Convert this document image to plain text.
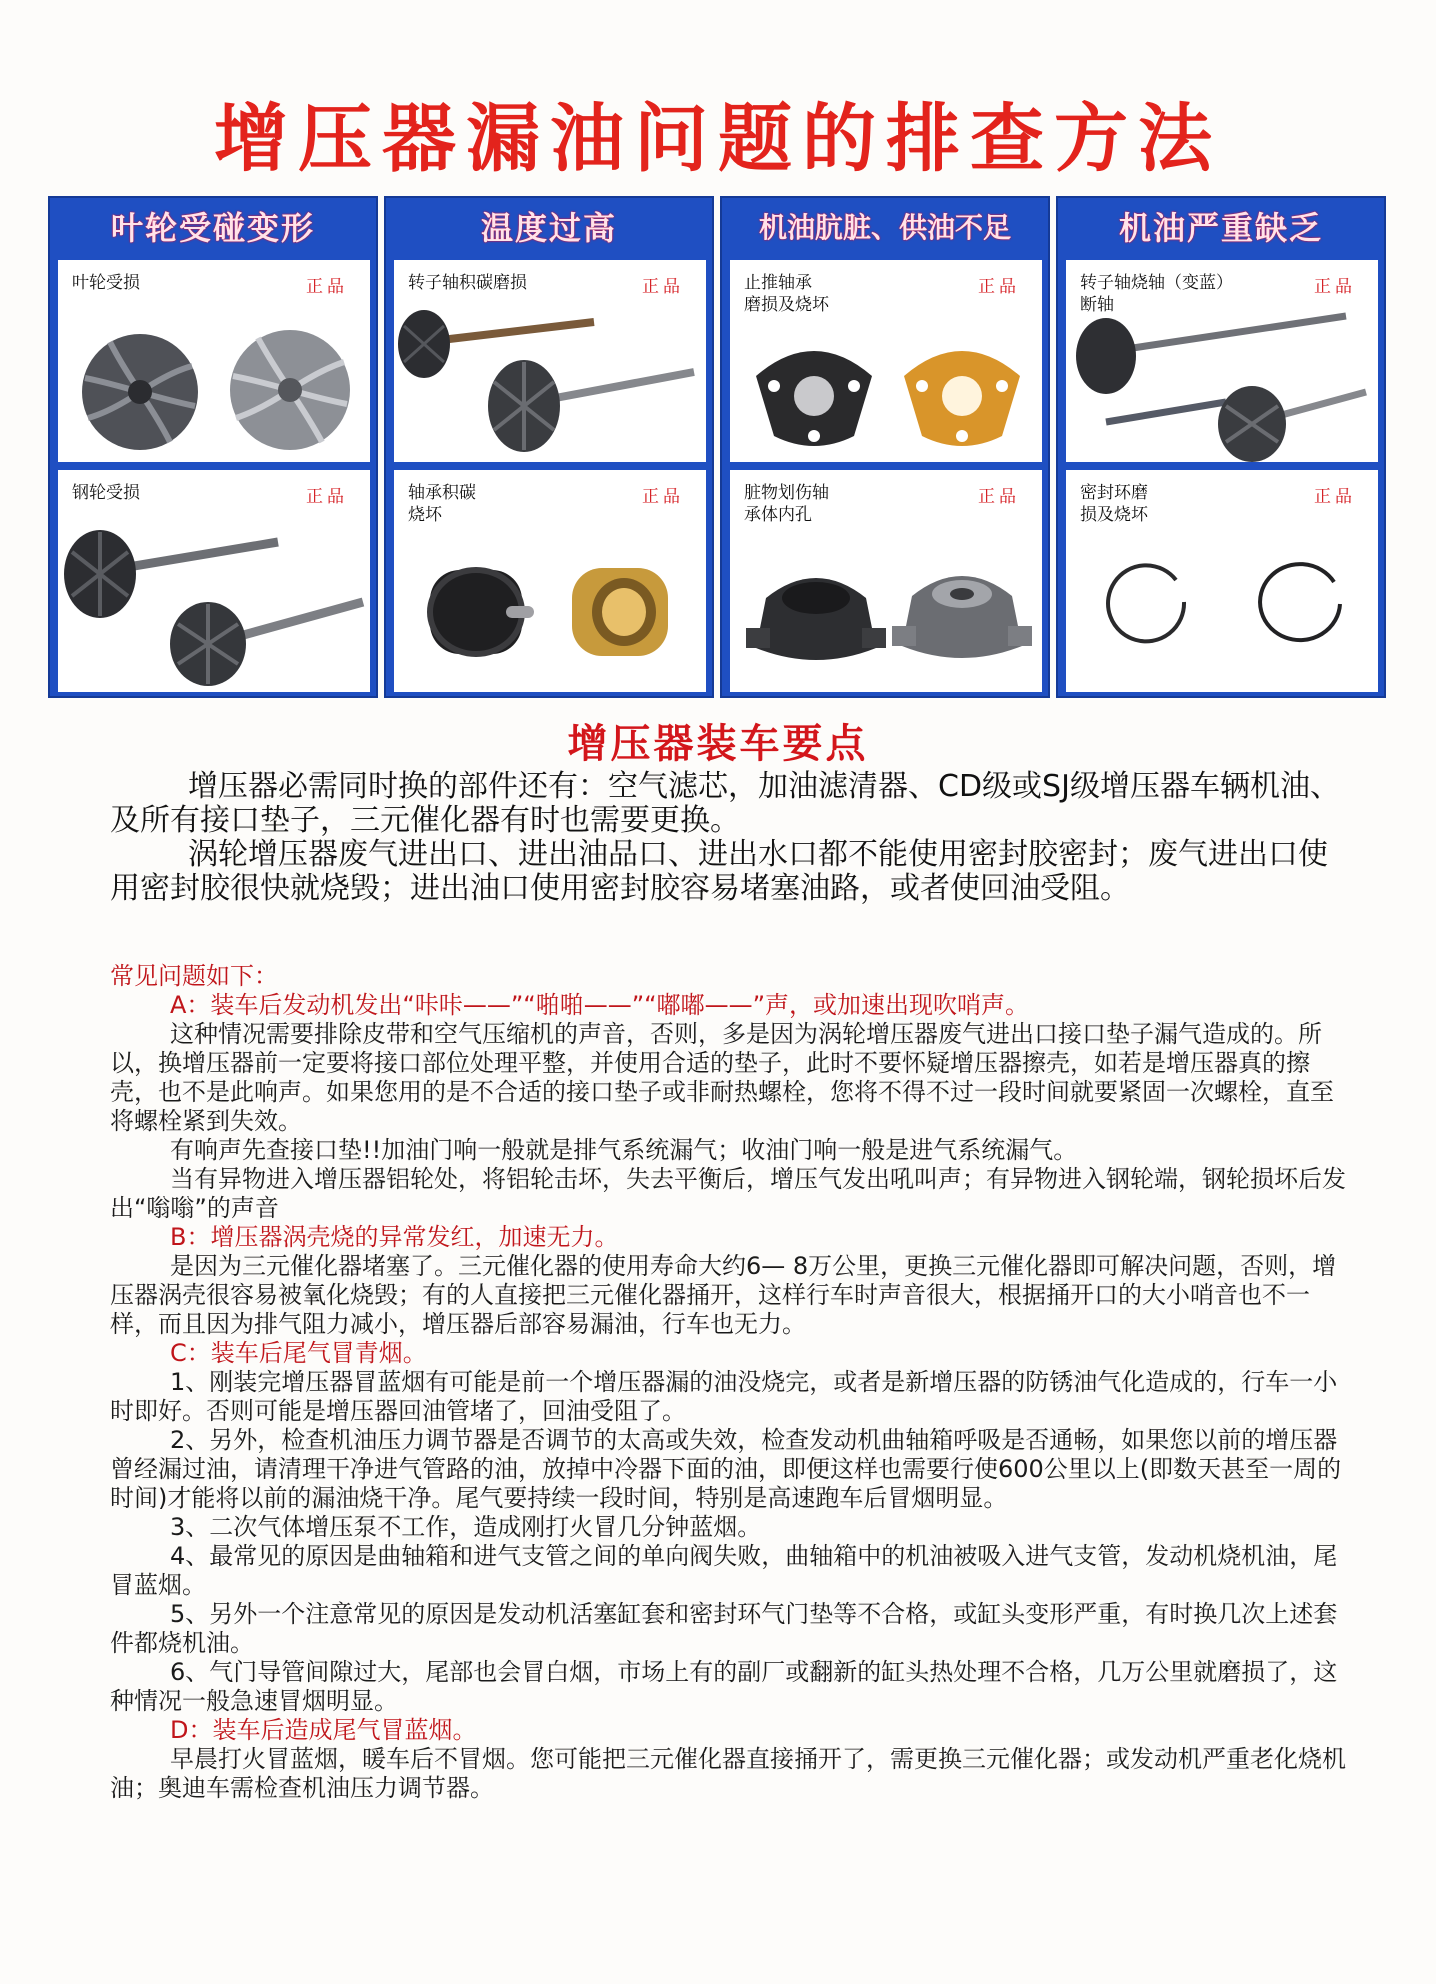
增压器漏油问题的排查方法
叶轮受碰变形
叶轮受损	正品
钢轮受损	正品
温度过高
转子轴积碳磨损	正品
轴承积碳
烧坏
正品
机油肮脏、供油不足
止推轴承
磨损及烧坏
正品
脏物划伤轴
承体内孔
正品
机油严重缺乏
转子轴烧轴（变蓝）
断轴
正品
密封环磨
损及烧坏
正品
增压器装车要点

增压器必需同时换的部件还有：空气滤芯，加油滤清器、CD级或SJ级增压器车辆机油、及所有接口垫子，三元催化器有时也需要更换。

涡轮增压器废气进出口、进出油品口、进出水口都不能使用密封胶密封；废气进出口使用密封胶很快就烧毁；进出油口使用密封胶容易堵塞油路，或者使回油受阻。

常见问题如下：

A：装车后发动机发出“咔咔——”“啪啪——”“嘟嘟——”声，或加速出现吹哨声。

这种情况需要排除皮带和空气压缩机的声音，否则，多是因为涡轮增压器废气进出口接口垫子漏气造成的。所以，换增压器前一定要将接口部位处理平整，并使用合适的垫子，此时不要怀疑增压器擦壳，如若是增压器真的擦壳，也不是此响声。如果您用的是不合适的接口垫子或非耐热螺栓，您将不得不过一段时间就要紧固一次螺栓，直至将螺栓紧到失效。

有响声先查接口垫!!加油门响一般就是排气系统漏气；收油门响一般是进气系统漏气。

当有异物进入增压器铝轮处，将铝轮击坏，失去平衡后，增压气发出吼叫声；有异物进入钢轮端，钢轮损坏后发出“嗡嗡”的声音

B：增压器涡壳烧的异常发红，加速无力。

是因为三元催化器堵塞了。三元催化器的使用寿命大约6— 8万公里，更换三元催化器即可解决问题，否则，增压器涡壳很容易被氧化烧毁；有的人直接把三元催化器捅开，这样行车时声音很大，根据捅开口的大小哨音也不一样，而且因为排气阻力减小，增压器后部容易漏油，行车也无力。

C：装车后尾气冒青烟。

1、刚装完增压器冒蓝烟有可能是前一个增压器漏的油没烧完，或者是新增压器的防锈油气化造成的，行车一小时即好。否则可能是增压器回油管堵了，回油受阻了。

2、另外，检查机油压力调节器是否调节的太高或失效，检查发动机曲轴箱呼吸是否通畅，如果您以前的增压器曾经漏过油，请清理干净进气管路的油，放掉中冷器下面的油，即便这样也需要行使600公里以上(即数天甚至一周的时间)才能将以前的漏油烧干净。尾气要持续一段时间，特别是高速跑车后冒烟明显。

3、二次气体增压泵不工作，造成刚打火冒几分钟蓝烟。

4、最常见的原因是曲轴箱和进气支管之间的单向阀失败，曲轴箱中的机油被吸入进气支管，发动机烧机油，尾冒蓝烟。

5、另外一个注意常见的原因是发动机活塞缸套和密封环气门垫等不合格，或缸头变形严重，有时换几次上述套件都烧机油。

6、气门导管间隙过大，尾部也会冒白烟，市场上有的副厂或翻新的缸头热处理不合格，几万公里就磨损了，这种情况一般急速冒烟明显。

D：装车后造成尾气冒蓝烟。

早晨打火冒蓝烟，暖车后不冒烟。您可能把三元催化器直接捅开了，需更换三元催化器；或发动机严重老化烧机油；奥迪车需检查机油压力调节器。
